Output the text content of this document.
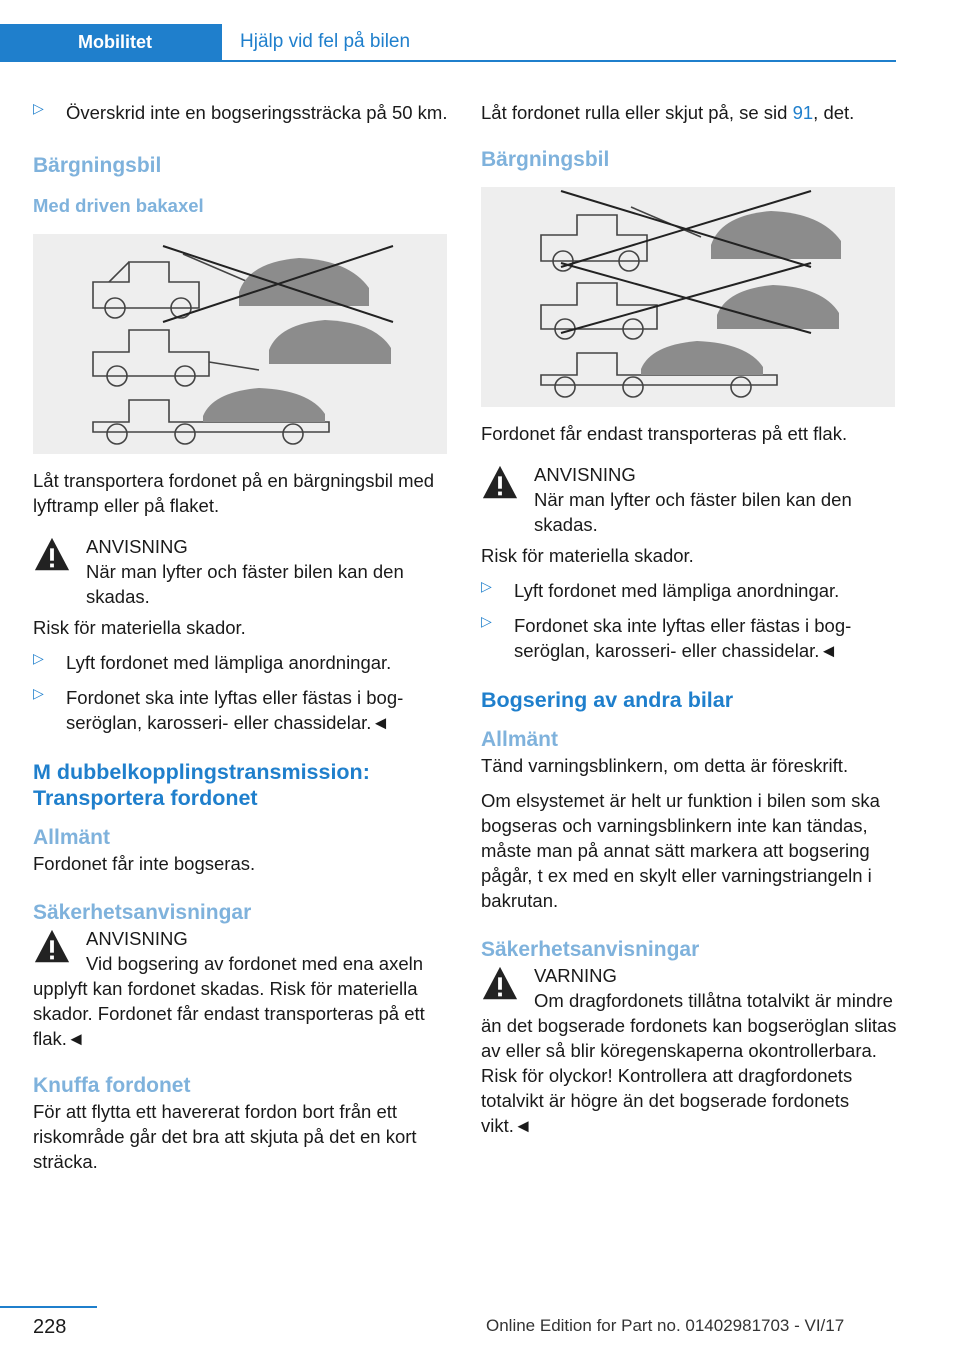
Mobilitet	Hjälp vid fel på bilen
▷ Överskrid inte en bogseringssträcka på 50 km.

Bärgningsbil
Med driven bakaxel

Låt transportera fordonet på en bärgningsbil med lyftramp eller på flaket.

ANVISNING

När man lyfter och fäster bilen kan den skadas.

Risk för materiella skador.

▷ Lyft fordonet med lämpliga anordningar.

▷ Fordonet ska inte lyftas eller fästas i bogseröglan, karosseri- eller chassidelar.◄

M dubbelkopplingstransmission: Transportera fordonet
Allmänt

Fordonet får inte bogseras.

Säkerhetsanvisningar

ANVISNING

Vid bogsering av fordonet med ena axeln upplyft kan fordonet skadas. Risk för materiella skador. Fordonet får endast transporteras på ett flak.◄

Knuffa fordonet

För att flytta ett havererat fordon bort från ett riskområde går det bra att skjuta på det en kort sträcka.

Låt fordonet rulla eller skjut på, se sid 91, det.

Bärgningsbil

Fordonet får endast transporteras på ett flak.

ANVISNING

När man lyfter och fäster bilen kan den skadas.

Risk för materiella skador.

▷ Lyft fordonet med lämpliga anordningar.

▷ Fordonet ska inte lyftas eller fästas i bogseröglan, karosseri- eller chassidelar.◄

Bogsering av andra bilar
Allmänt

Tänd varningsblinkern, om detta är föreskrift.

Om elsystemet är helt ur funktion i bilen som ska bogseras och varningsblinkern inte kan tändas, måste man på annat sätt markera att bogsering pågår, t ex med en skylt eller varningstriangeln i bakrutan.

Säkerhetsanvisningar

VARNING

Om dragfordonets tillåtna totalvikt är mindre än det bogserade fordonets kan bogseröglan slitas av eller så blir köregenskaperna okontrollerbara. Risk för olyckor! Kontrollera att dragfordonets totalvikt är högre än det bogserade fordonets vikt.◄

228	Online Edition for Part no. 01402981703 - VI/17
